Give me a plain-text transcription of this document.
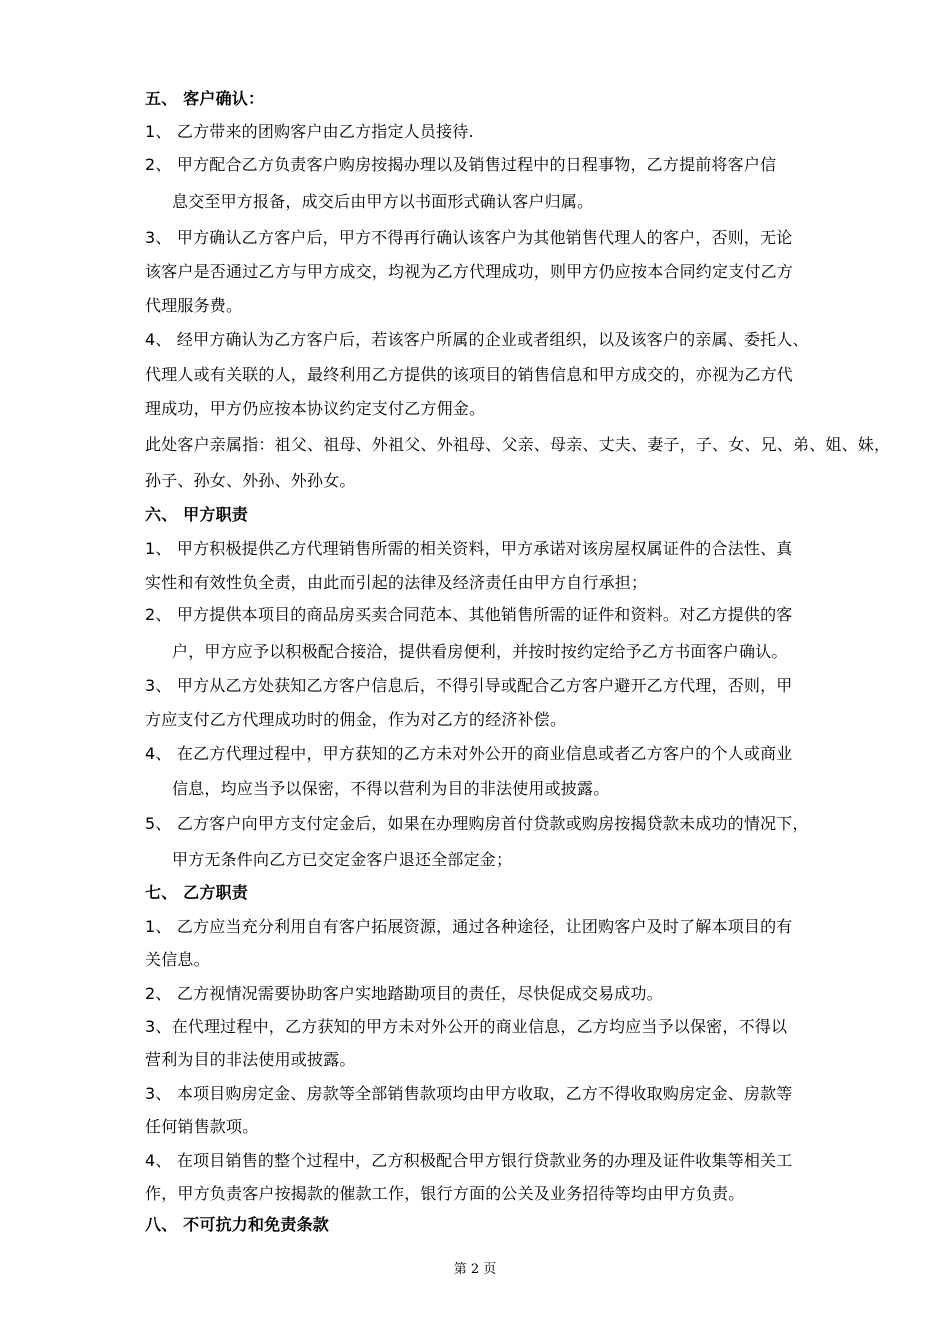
五、 客户确认：
1、 乙方带来的团购客户由乙方指定人员接待.
2、 甲方配合乙方负责客户购房按揭办理以及销售过程中的日程事物，乙方提前将客户信
息交至甲方报备，成交后由甲方以书面形式确认客户归属。
3、 甲方确认乙方客户后，甲方不得再行确认该客户为其他销售代理人的客户，否则，无论
该客户是否通过乙方与甲方成交，均视为乙方代理成功，则甲方仍应按本合同约定支付乙方
代理服务费。
4、 经甲方确认为乙方客户后，若该客户所属的企业或者组织，以及该客户的亲属、委托人、
代理人或有关联的人，最终利用乙方提供的该项目的销售信息和甲方成交的，亦视为乙方代
理成功，甲方仍应按本协议约定支付乙方佣金。
此处客户亲属指：祖父、祖母、外祖父、外祖母、父亲、母亲、丈夫、妻子，子、女、兄、弟、姐、妹，
孙子、孙女、外孙、外孙女。
六、 甲方职责
1、 甲方积极提供乙方代理销售所需的相关资料，甲方承诺对该房屋权属证件的合法性、真
实性和有效性负全责，由此而引起的法律及经济责任由甲方自行承担；
2、 甲方提供本项目的商品房买卖合同范本、其他销售所需的证件和资料。对乙方提供的客
户，甲方应予以积极配合接洽，提供看房便利，并按时按约定给予乙方书面客户确认。
3、 甲方从乙方处获知乙方客户信息后，不得引导或配合乙方客户避开乙方代理，否则，甲
方应支付乙方代理成功时的佣金，作为对乙方的经济补偿。
4、 在乙方代理过程中，甲方获知的乙方未对外公开的商业信息或者乙方客户的个人或商业
信息，均应当予以保密，不得以营利为目的非法使用或披露。
5、 乙方客户向甲方支付定金后，如果在办理购房首付贷款或购房按揭贷款未成功的情况下，
甲方无条件向乙方已交定金客户退还全部定金；
七、 乙方职责
1、 乙方应当充分利用自有客户拓展资源，通过各种途径，让团购客户及时了解本项目的有
关信息。
2、 乙方视情况需要协助客户实地踏勘项目的责任，尽快促成交易成功。
3、在代理过程中，乙方获知的甲方未对外公开的商业信息，乙方均应当予以保密，不得以
营利为目的非法使用或披露。
3、 本项目购房定金、房款等全部销售款项均由甲方收取，乙方不得收取购房定金、房款等
任何销售款项。
4、 在项目销售的整个过程中，乙方积极配合甲方银行贷款业务的办理及证件收集等相关工
作，甲方负责客户按揭款的催款工作，银行方面的公关及业务招待等均由甲方负责。
八、 不可抗力和免责条款
第 2 页
